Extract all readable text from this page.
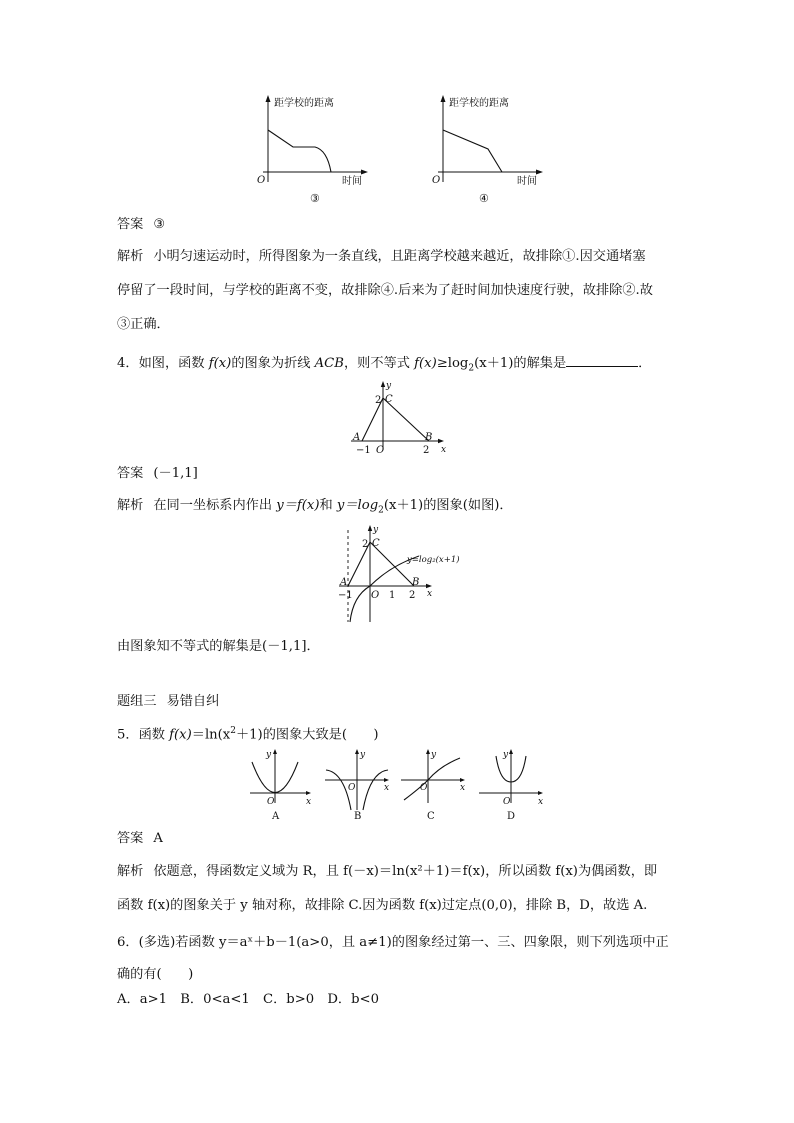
距学校的距离
O	时间
③
距学校的距离
O	时间
④
答案 ③
解析 小明匀速运动时，所得图象为一条直线，且距离学校越来越近，故排除①.因交通堵塞
停留了一段时间，与学校的距离不变，故排除④.后来为了赶时间加快速度行驶，故排除②.故
③正确．
4．如图，函数 f(x)的图象为折线 ACB，则不等式 $f(x)\ge\log_2(x+1)$的解集是	．
y
x
2 C
A	B
−1 O	2
答案 (－1,1]
解析 在同一坐标系内作出 y＝f(x)和 $y=\log_2(x+1)$的图象(如图)．
y
x
2 C
A	B
−1 O 1 2
y=log₂(x+1)
由图象知不等式的解集是(－1,1]．
题组三 易错自纠
5．函数 $f(x)=\ln(x^2+1)$的图象大致是(　　)
y
x
O
A
y
x
O
B
y
x
O
C
y
x
O
D
答案 A
解析 依题意，得函数定义域为 R，且 f(－x)＝ln(x²＋1)＝f(x)，所以函数 f(x)为偶函数，即
函数 f(x)的图象关于 y 轴对称，故排除 C.因为函数 f(x)过定点(0,0)，排除 B，D，故选 A.
6．(多选)若函数 y＝aˣ＋b－1(a>0，且 a≠1)的图象经过第一、三、四象限，则下列选项中正
确的有(　　)
A．a>1　B．0<a<1　C．b>0　D．b<0
